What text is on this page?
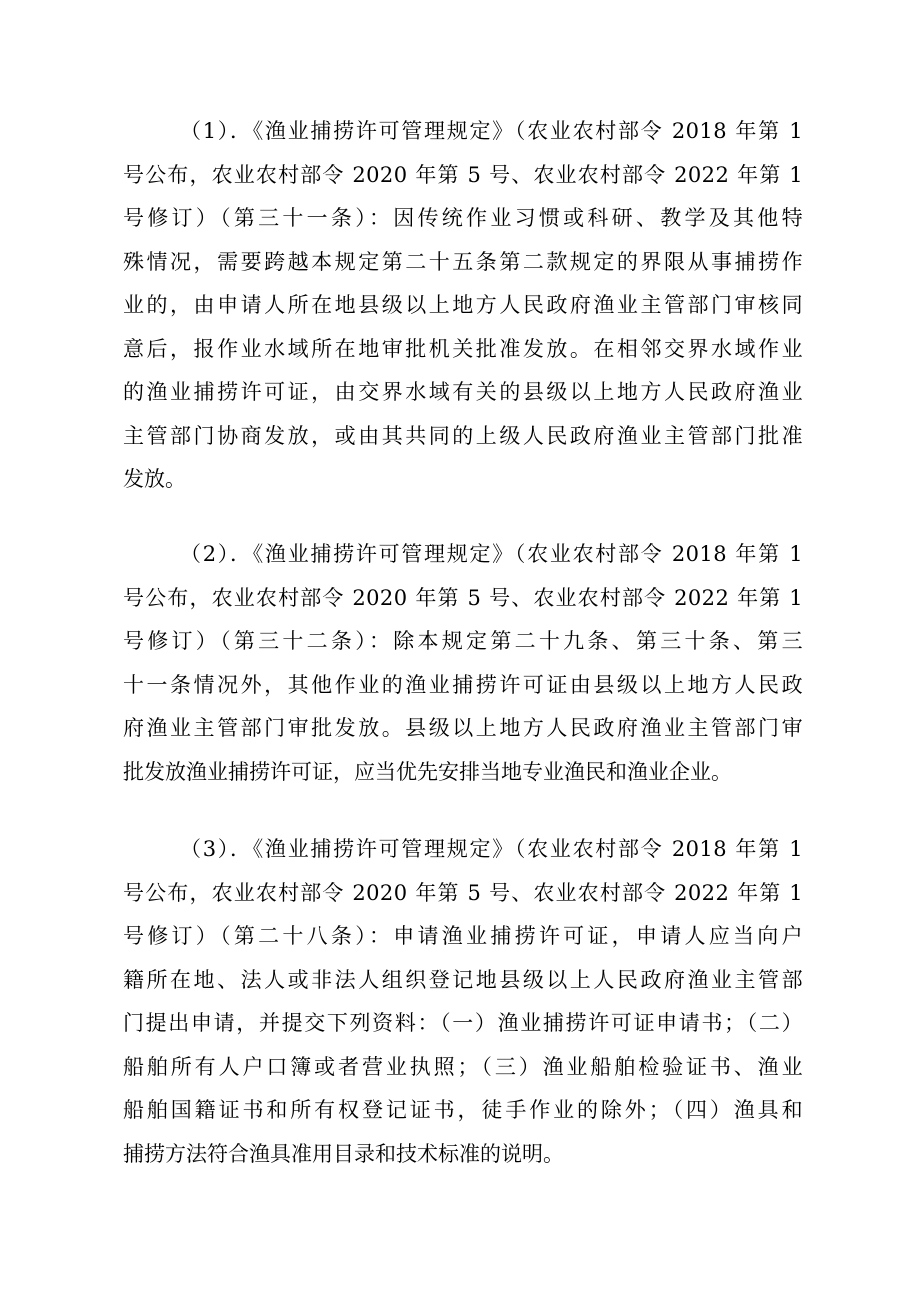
（1）．《渔业捕捞许可管理规定》（农业农村部令 2018 年第 1
号公布，农业农村部令 2020 年第 5 号、农业农村部令 2022 年第 1
号修订）（第三十一条）：因传统作业习惯或科研、教学及其他特
殊情况，需要跨越本规定第二十五条第二款规定的界限从事捕捞作
业的，由申请人所在地县级以上地方人民政府渔业主管部门审核同
意后，报作业水域所在地审批机关批准发放。在相邻交界水域作业
的渔业捕捞许可证，由交界水域有关的县级以上地方人民政府渔业
主管部门协商发放，或由其共同的上级人民政府渔业主管部门批准
发放。
（2）．《渔业捕捞许可管理规定》（农业农村部令 2018 年第 1
号公布，农业农村部令 2020 年第 5 号、农业农村部令 2022 年第 1
号修订）（第三十二条）：除本规定第二十九条、第三十条、第三
十一条情况外，其他作业的渔业捕捞许可证由县级以上地方人民政
府渔业主管部门审批发放。县级以上地方人民政府渔业主管部门审
批发放渔业捕捞许可证，应当优先安排当地专业渔民和渔业企业。
（3）．《渔业捕捞许可管理规定》（农业农村部令 2018 年第 1
号公布，农业农村部令 2020 年第 5 号、农业农村部令 2022 年第 1
号修订）（第二十八条）：申请渔业捕捞许可证，申请人应当向户
籍所在地、法人或非法人组织登记地县级以上人民政府渔业主管部
门提出申请，并提交下列资料：（一）渔业捕捞许可证申请书；（二）
船舶所有人户口簿或者营业执照；（三）渔业船舶检验证书、渔业
船舶国籍证书和所有权登记证书，徒手作业的除外；（四）渔具和
捕捞方法符合渔具准用目录和技术标准的说明。
